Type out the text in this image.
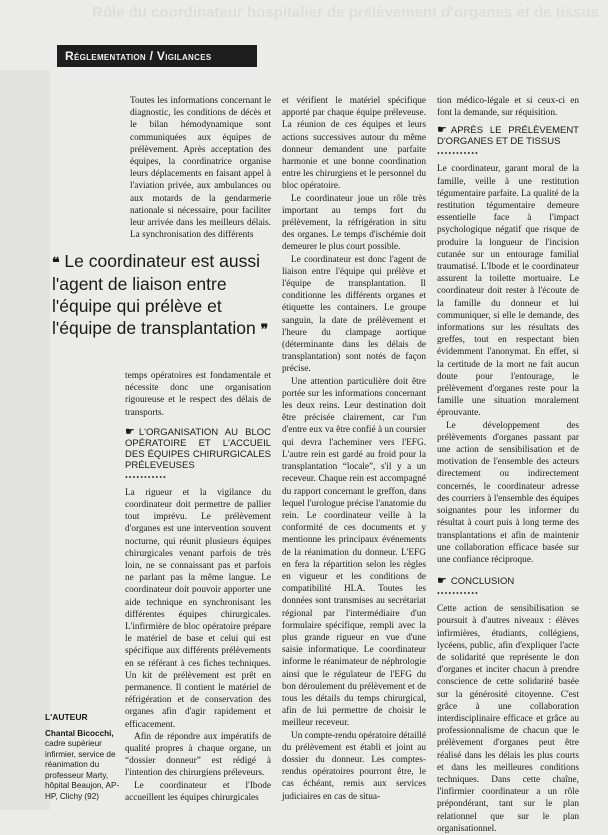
Rôle du coordinateur hospitalier de prélèvement d'organes et de tissus
Réglementation / Vigilances

Toutes les informations concernant le diagnostic, les conditions de décès et le bilan hémodynamique sont communiquées aux équipes de prélèvement. Après acceptation des équipes, la coordinatrice organise leurs déplacements en faisant appel à l'aviation privée, aux ambulances ou aux motards de la gendarmerie nationale si nécessaire, pour faciliter leur arrivée dans les meilleurs délais. La synchronisation des différents

❝ Le coordinateur est aussi l'agent de liaison entre l'équipe qui prélève et l'équipe de transplantation ❞

temps opératoires est fondamentale et nécessite donc une organisation rigoureuse et le respect des délais de transports.

☛ L'ORGANISATION AU BLOC OPÉRATOIRE ET L'ACCUEIL DES ÉQUIPES CHIRURGICALES PRÉLEVEUSES
•••••••••••

La rigueur et la vigilance du coordinateur doit permettre de pallier tout imprévu. Le prélèvement d'organes est une intervention souvent nocturne, qui réunit plusieurs équipes chirurgicales venant parfois de très loin, ne se connaissant pas et parfois ne parlant pas la même langue. Le coordinateur doit pouvoir apporter une aide technique en synchronisant les différentes équipes chirurgicales. L'infirmière de bloc opératoire prépare le matériel de base et celui qui est spécifique aux différents prélèvements en se référant à ces fiches techniques. Un kit de prélèvement est prêt en permanence. Il contient le matériel de réfrigération et de conservation des organes afin d'agir rapidement et efficacement.

Afin de répondre aux impératifs de qualité propres à chaque organe, un “dossier donneur” est rédigé à l'intention des chirurgiens préleveurs.

Le coordinateur et l'Ibode accueillent les équipes chirurgicales

L'AUTEUR
Chantal Bicocchi,
cadre supérieur infirmier, service de réanimation du professeur Marty, hôpital Beaujon, AP-HP, Clichy (92)

et vérifient le matériel spécifique apporté par chaque équipe préleveuse. La réunion de ces équipes et leurs actions successives autour du même donneur demandent une parfaite harmonie et une bonne coordination entre les chirurgiens et le personnel du bloc opératoire.

Le coordinateur joue un rôle très important au temps fort du prélèvement, la réfrigération in situ des organes. Le temps d'ischémie doit demeurer le plus court possible.

Le coordinateur est donc l'agent de liaison entre l'équipe qui prélève et l'équipe de transplantation. Il conditionne les différents organes et étiquette les containers. Le groupe sanguin, la date de prélèvement et l'heure du clampage aortique (déterminante dans les délais de transplantation) sont notés de façon précise.

Une attention particulière doit être portée sur les informations concernant les deux reins. Leur destination doit être précisée clairement, car l'un d'entre eux va être confié à un coursier qui devra l'acheminer vers l'EFG. L'autre rein est gardé au froid pour la transplantation “locale”, s'il y a un receveur. Chaque rein est accompagné du rapport concernant le greffon, dans lequel l'urologue précise l'anatomie du rein. Le coordinateur veille à la conformité de ces documents et y mentionne les principaux événements de la réanimation du donneur. L'EFG en fera la répartition selon les règles en vigueur et les conditions de compatibilité HLA. Toutes les données sont transmises au secrétariat régional par l'intermédiaire d'un formulaire spécifique, rempli avec la plus grande rigueur en vue d'une saisie informatique. Le coordinateur informe le réanimateur de néphrologie ainsi que le régulateur de l'EFG du bon déroulement du prélèvement et de tous les détails du temps chirurgical, afin de lui permettre de choisir le meilleur receveur.

Un compte-rendu opératoire détaillé du prélèvement est établi et joint au dossier du donneur. Les comptes-rendus opératoires pourront être, le cas échéant, remis aux services judiciaires en cas de situa-

tion médico-légale et si ceux-ci en font la demande, sur réquisition.

☛ APRÈS LE PRÉLÈVEMENT D'ORGANES ET DE TISSUS
•••••••••••

Le coordinateur, garant moral de la famille, veille à une restitution tégumentaire parfaite. La qualité de la restitution tégumentaire demeure essentielle face à l'impact psychologique négatif que risque de produire la longueur de l'incision cutanée sur un entourage familial traumatisé. L'Ibode et le coordinateur assurent la toilette mortuaire. Le coordinateur doit rester à l'écoute de la famille du donneur et lui communiquer, si elle le demande, des informations sur les résultats des greffes, tout en respectant bien évidemment l'anonymat. En effet, si la certitude de la mort ne fait aucun doute pour l'entourage, le prélèvement d'organes reste pour la famille une situation moralement éprouvante.

Le développement des prélèvements d'organes passant par une action de sensibilisation et de motivation de l'ensemble des acteurs directement ou indirectement concernés, le coordinateur adresse des courriers à l'ensemble des équipes soignantes pour les informer du résultat à court puis à long terme des transplantations et afin de maintenir une collaboration efficace basée sur une confiance réciproque.

☛ CONCLUSION
•••••••••••

Cette action de sensibilisation se poursuit à d'autres niveaux : élèves infirmières, étudiants, collégiens, lycéens, public, afin d'expliquer l'acte de solidarité que représente le don d'organes et inciter chacun à prendre conscience de cette solidarité basée sur la générosité citoyenne. C'est grâce à une collaboration interdisciplinaire efficace et grâce au professionnalisme de chacun que le prélèvement d'organes peut être réalisé dans les délais les plus courts et dans les meilleures conditions techniques. Dans cette chaîne, l'infirmier coordinateur a un rôle prépondérant, tant sur le plan relationnel que sur le plan organisationnel.
